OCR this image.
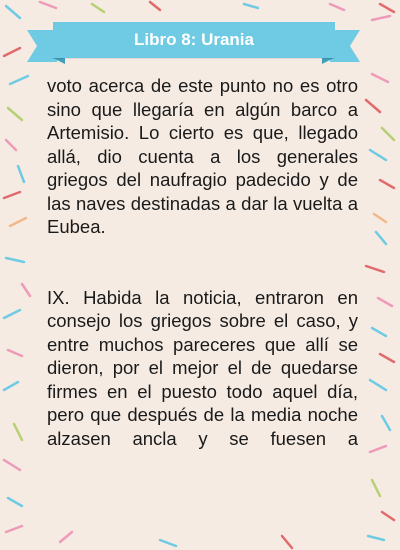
Libro 8: Urania

voto acerca de este punto no es otro sino que llegaría en algún barco a Artemisio. Lo cierto es que, llegado allá, dio cuenta a los generales griegos del naufragio padecido y de las naves destinadas a dar la vuelta a Eubea.

IX. Habida la noticia, entraron en consejo los griegos sobre el caso, y entre muchos pareceres que allí se dieron, por el mejor el de quedarse firmes en el puesto todo aquel día, pero que después de la media noche alzasen ancla y se fuesen a
